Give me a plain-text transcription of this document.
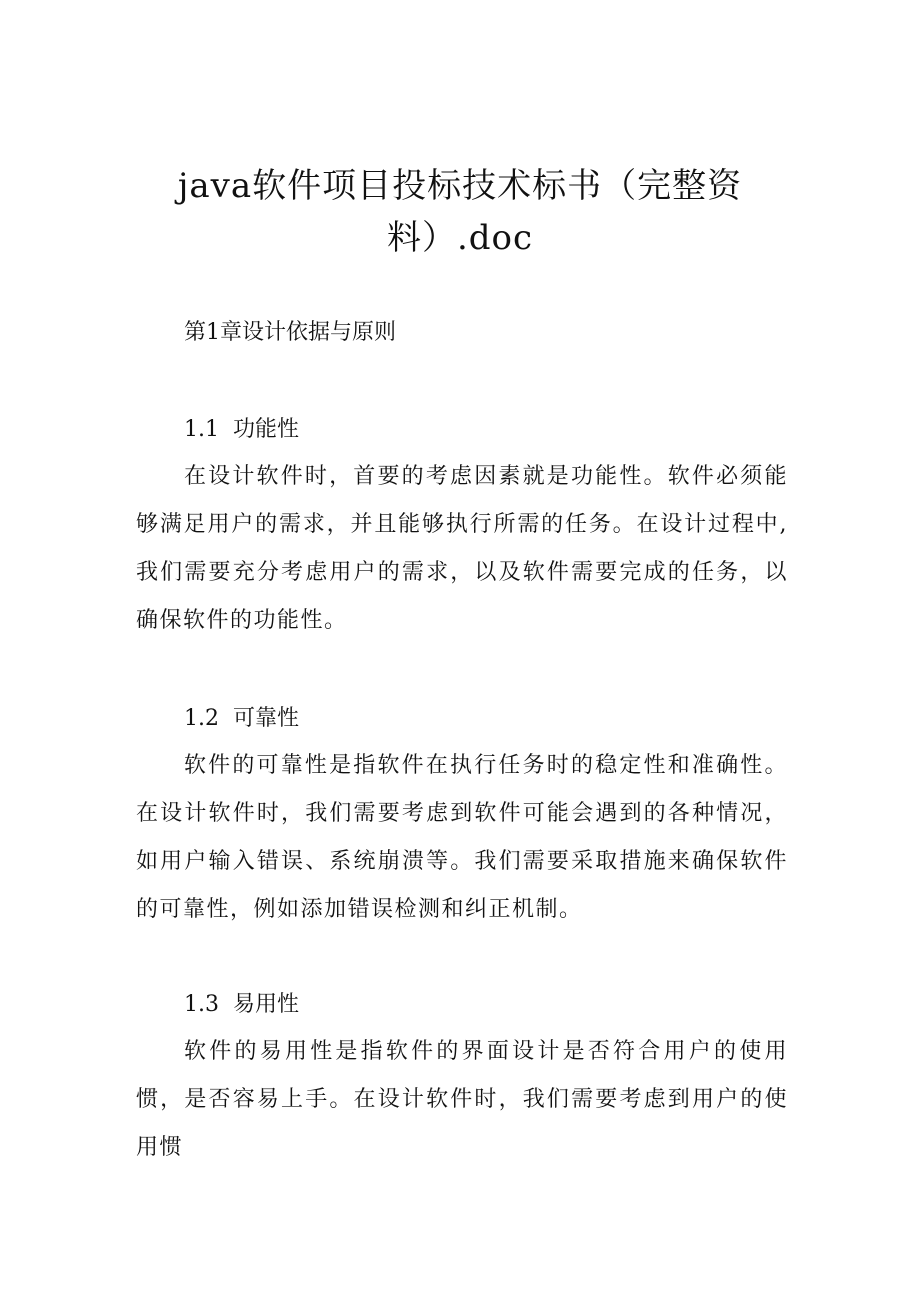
java软件项目投标技术标书（完整资料）.doc
第1章设计依据与原则
1.1 功能性

在设计软件时，首要的考虑因素就是功能性。软件必须能够满足用户的需求，并且能够执行所需的任务。在设计过程中,我们需要充分考虑用户的需求，以及软件需要完成的任务，以确保软件的功能性。

1.2 可靠性

软件的可靠性是指软件在执行任务时的稳定性和准确性。在设计软件时，我们需要考虑到软件可能会遇到的各种情况，如用户输入错误、系统崩溃等。我们需要采取措施来确保软件的可靠性，例如添加错误检测和纠正机制。

1.3 易用性

软件的易用性是指软件的界面设计是否符合用户的使用惯，是否容易上手。在设计软件时，我们需要考虑到用户的使用惯
